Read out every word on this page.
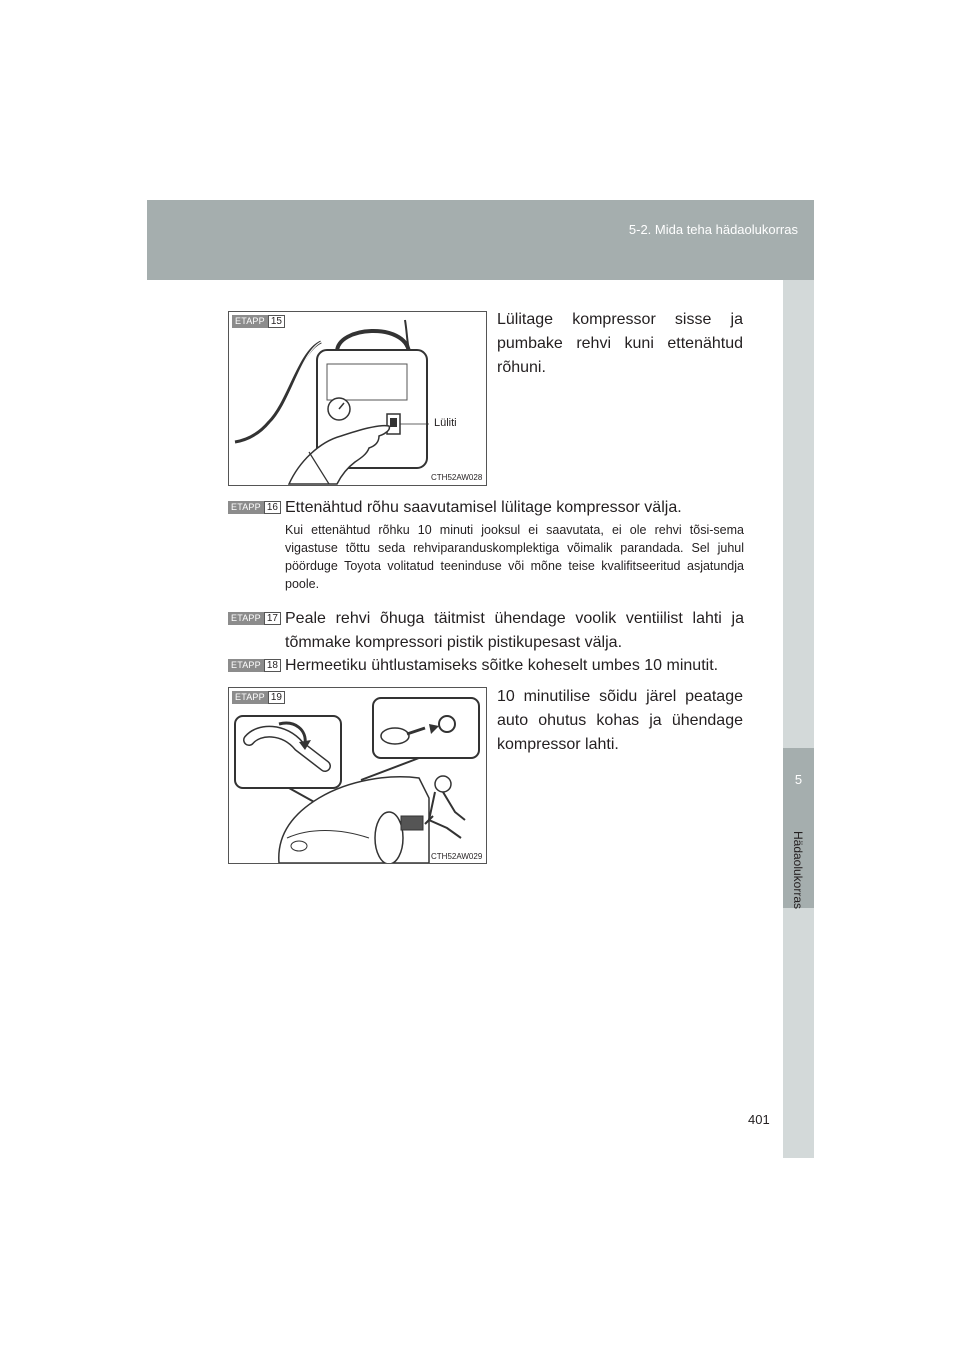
5-2. Mida teha hädaolukorras
5
Hädaolukorras
ETAPP 15
Lüliti
CTH52AW028
Lülitage kompressor sisse ja pumbake rehvi kuni ettenähtud rõhuni.
ETAPP 16 Ettenähtud rõhu saavutamisel lülitage kompressor välja.
Kui ettenähtud rõhku 10 minuti jooksul ei saavutata, ei ole rehvi tõsi-sema vigastuse tõttu seda rehviparanduskomplektiga võimalik parandada. Sel juhul pöörduge Toyota volitatud teeninduse või mõne teise kvalifitseeritud asjatundja poole.
ETAPP 17 Peale rehvi õhuga täitmist ühendage voolik ventiilist lahti ja tõmmake kompressori pistik pistikupesast välja.
ETAPP 18 Hermeetiku ühtlustamiseks sõitke koheselt umbes 10 minutit.
ETAPP 19
CTH52AW029
10 minutilise sõidu järel peatage auto ohutus kohas ja ühendage kompressor lahti.
401
